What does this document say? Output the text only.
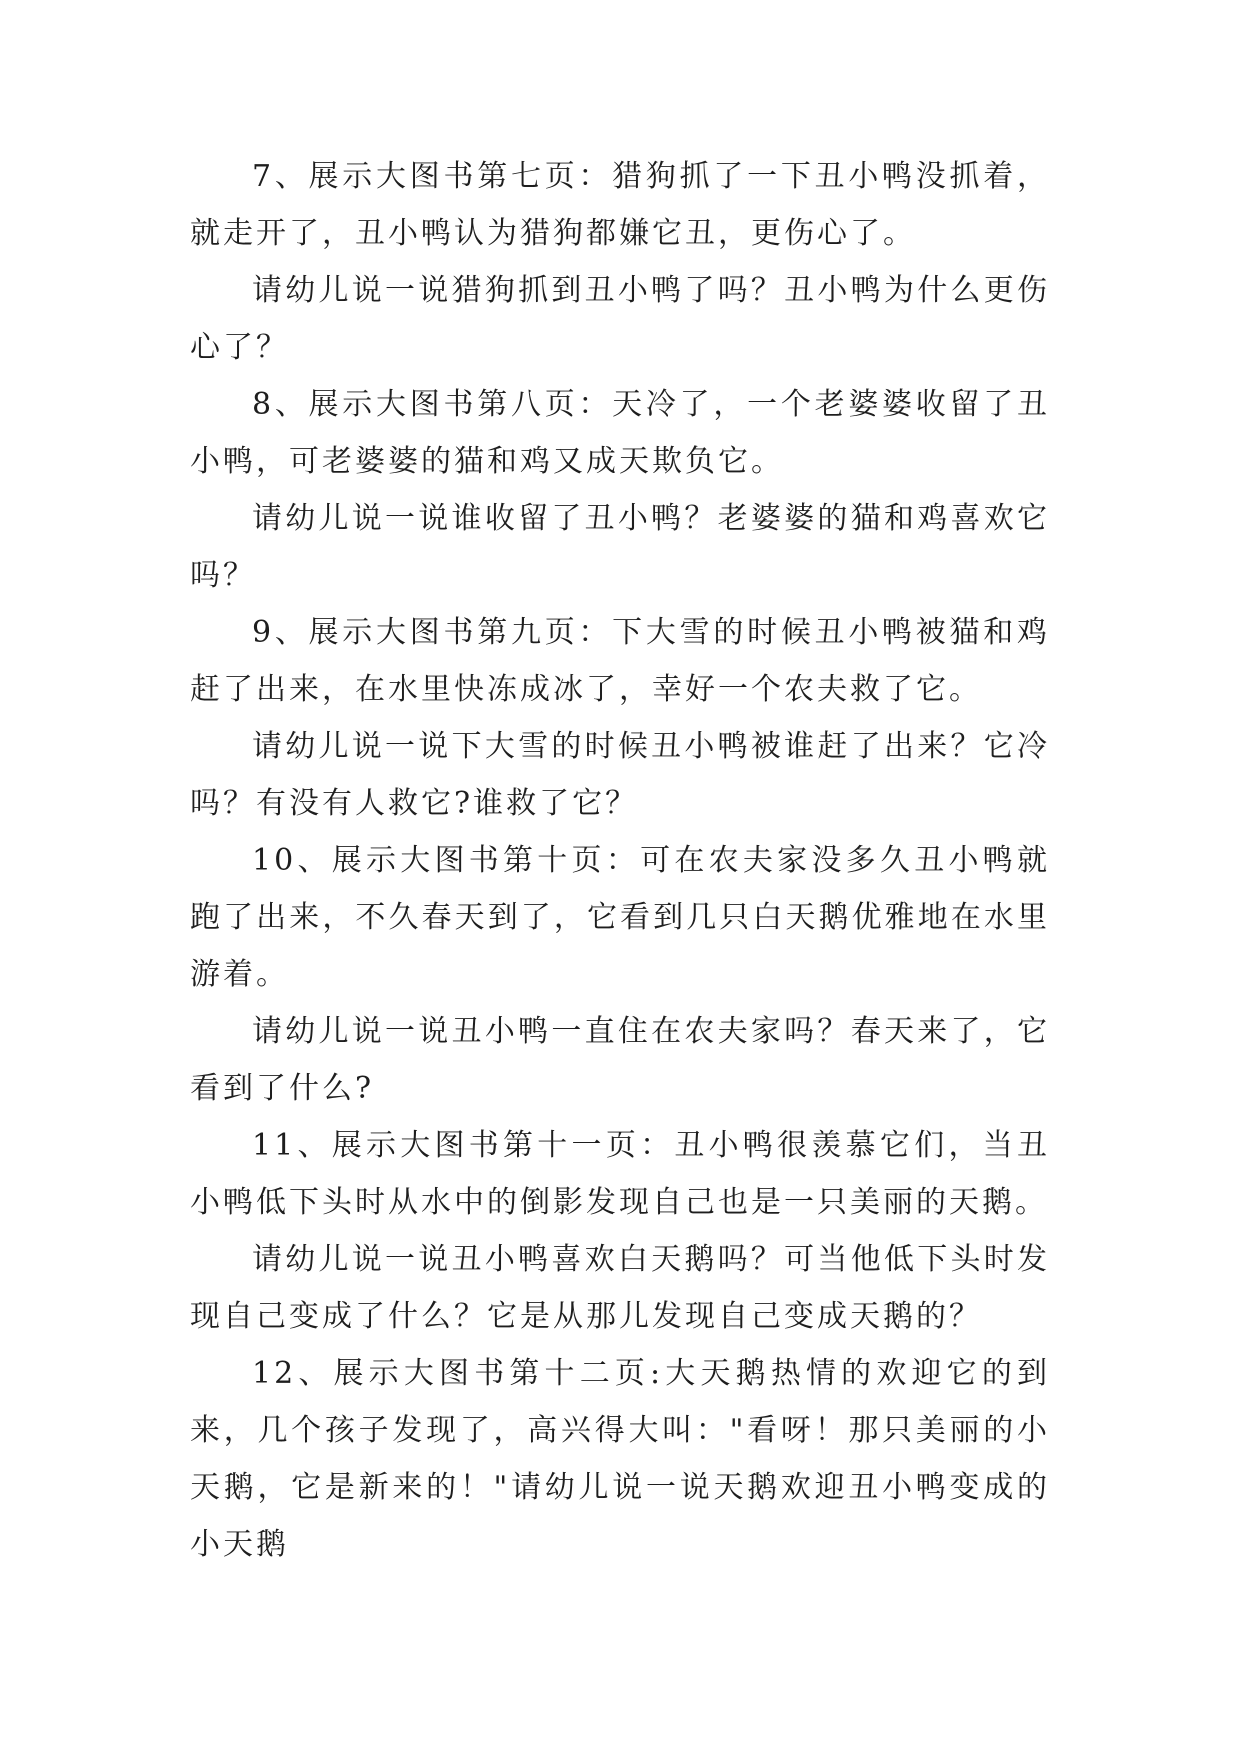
7、展示大图书第七页：猎狗抓了一下丑小鸭没抓着，就走开了，丑小鸭认为猎狗都嫌它丑，更伤心了。

请幼儿说一说猎狗抓到丑小鸭了吗？丑小鸭为什么更伤心了？

8、展示大图书第八页：天冷了，一个老婆婆收留了丑小鸭，可老婆婆的猫和鸡又成天欺负它。

请幼儿说一说谁收留了丑小鸭？老婆婆的猫和鸡喜欢它吗？

9、展示大图书第九页：下大雪的时候丑小鸭被猫和鸡赶了出来，在水里快冻成冰了，幸好一个农夫救了它。

请幼儿说一说下大雪的时候丑小鸭被谁赶了出来？它冷吗？有没有人救它?谁救了它？

10、展示大图书第十页：可在农夫家没多久丑小鸭就跑了出来，不久春天到了，它看到几只白天鹅优雅地在水里游着。

请幼儿说一说丑小鸭一直住在农夫家吗？春天来了，它看到了什么?

11、展示大图书第十一页：丑小鸭很羡慕它们，当丑小鸭低下头时从水中的倒影发现自己也是一只美丽的天鹅。

请幼儿说一说丑小鸭喜欢白天鹅吗？可当他低下头时发现自己变成了什么？它是从那儿发现自己变成天鹅的？

12、展示大图书第十二页:大天鹅热情的欢迎它的到来，几个孩子发现了，高兴得大叫："看呀！那只美丽的小天鹅，它是新来的！"请幼儿说一说天鹅欢迎丑小鸭变成的小天鹅
